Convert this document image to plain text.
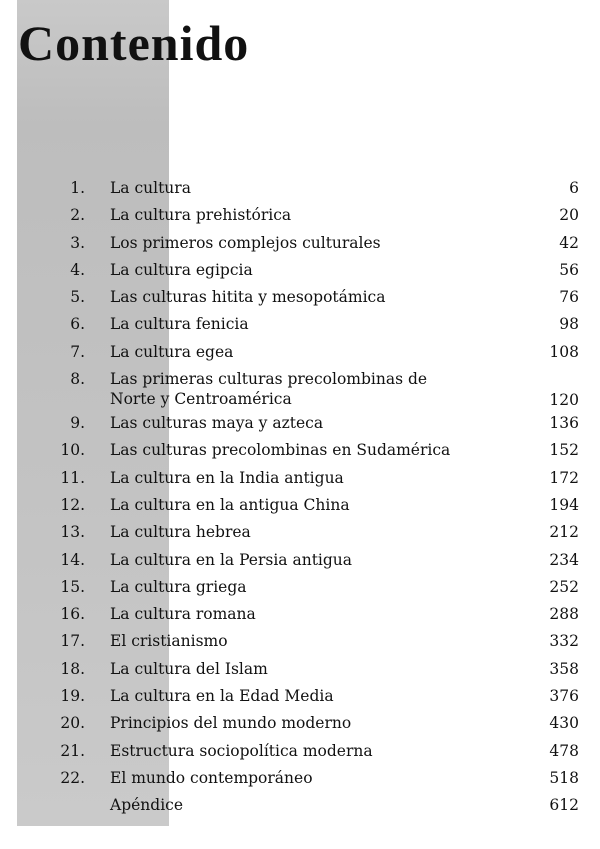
Contenido
1. La cultura	6
2. La cultura prehistórica	20
3. Los primeros complejos culturales	42
4. La cultura egipcia	56
5. Las culturas hitita y mesopotámica	76
6. La cultura fenicia	98
7. La cultura egea	108
8. Las primeras culturas precolombinas de
Norte y Centroamérica	120
9. Las culturas maya y azteca	136
10. Las culturas precolombinas en Sudamérica	152
11. La cultura en la India antigua	172
12. La cultura en la antigua China	194
13. La cultura hebrea	212
14. La cultura en la Persia antigua	234
15. La cultura griega	252
16. La cultura romana	288
17. El cristianismo	332
18. La cultura del Islam	358
19. La cultura en la Edad Media	376
20. Principios del mundo moderno	430
21. Estructura sociopolítica moderna	478
22. El mundo contemporáneo	518
Apéndice	612
